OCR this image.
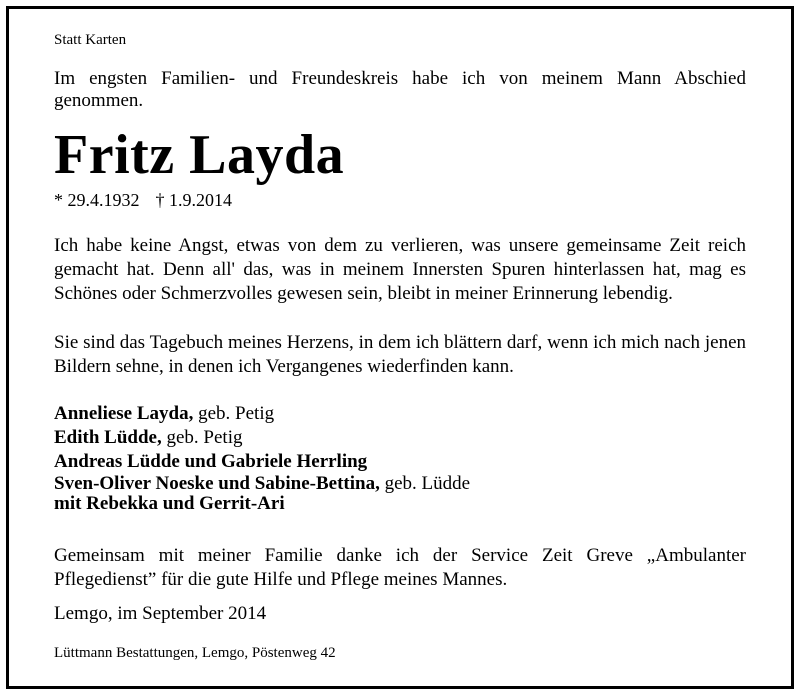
Statt Karten
Im engsten Familien- und Freundeskreis habe ich von meinem Mann Abschied genommen.
Fritz Layda
* 29.4.1932 † 1.9.2014
Ich habe keine Angst, etwas von dem zu verlieren, was unsere gemeinsame Zeit reich gemacht hat. Denn all' das, was in meinem Innersten Spuren hinterlassen hat, mag es Schönes oder Schmerzvolles gewesen sein, bleibt in meiner Erinnerung lebendig.
Sie sind das Tagebuch meines Herzens, in dem ich blättern darf, wenn ich mich nach jenen Bildern sehne, in denen ich Vergangenes wiederfinden kann.
Anneliese Layda, geb. Petig
Edith Lüdde, geb. Petig
Andreas Lüdde und Gabriele Herrling
Sven-Oliver Noeske und Sabine-Bettina, geb. Lüdde
mit Rebekka und Gerrit-Ari
Gemeinsam mit meiner Familie danke ich der Service Zeit Greve „Ambulanter Pflegedienst” für die gute Hilfe und Pflege meines Mannes.
Lemgo, im September 2014
Lüttmann Bestattungen, Lemgo, Pöstenweg 42
